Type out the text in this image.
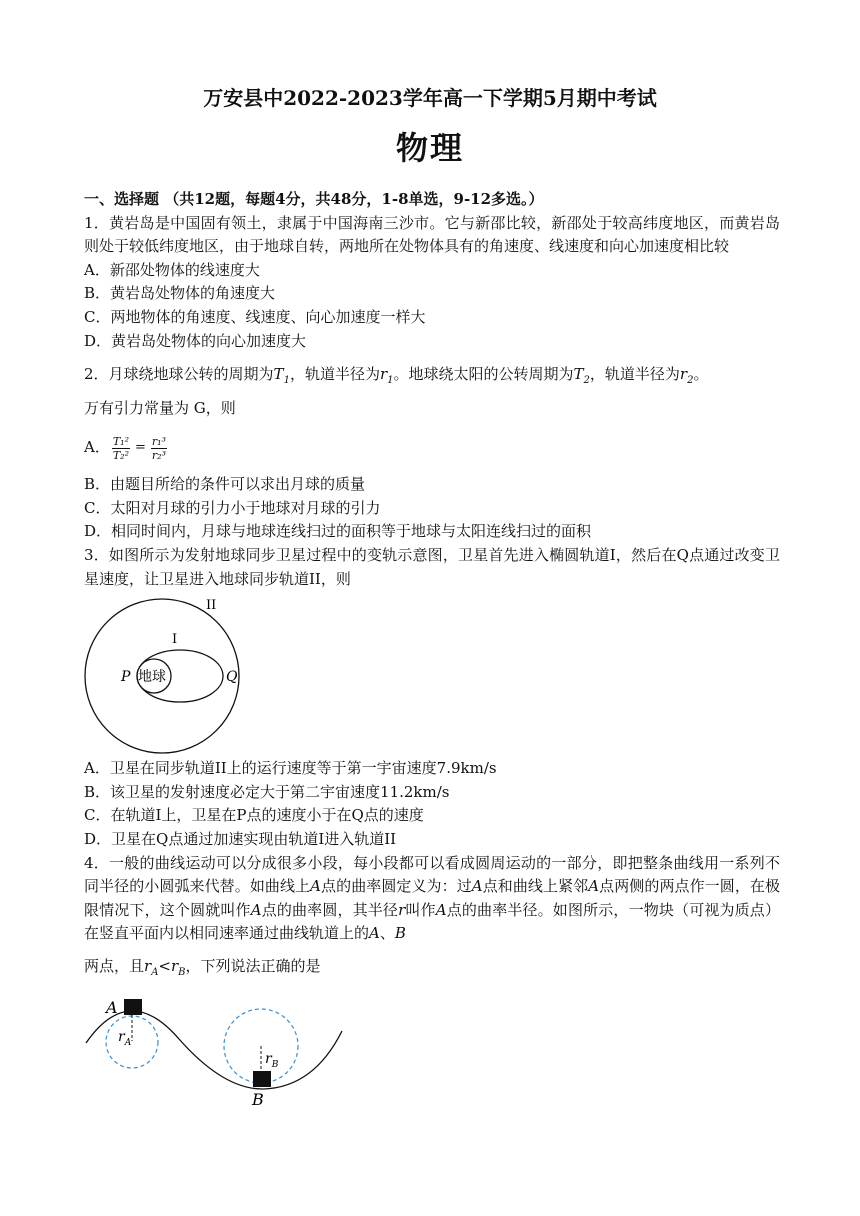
万安县中2022-2023学年高一下学期5月期中考试
物理
一、选择题 （共12题，每题4分，共48分，1-8单选，9-12多选。）
1．黄岩岛是中国固有领土，隶属于中国海南三沙市。它与新邵比较，新邵处于较高纬度地区，而黄岩岛则处于较低纬度地区，由于地球自转，两地所在处物体具有的角速度、线速度和向心加速度相比较
A．新邵处物体的线速度大
B．黄岩岛处物体的角速度大
C．两地物体的角速度、线速度、向心加速度一样大
D．黄岩岛处物体的向心加速度大
2．月球绕地球公转的周期为$T_1$，轨道半径为$r_1$。地球绕太阳的公转周期为$T_2$，轨道半径为$r_2$。
万有引力常量为 G，则
A． $\frac{\text{T₁²}}{\text{T₂²}} = \frac{\text{r₁³}}{\text{r₂³}}$
B．由题目所给的条件可以求出月球的质量
C．太阳对月球的引力小于地球对月球的引力
D．相同时间内，月球与地球连线扫过的面积等于地球与太阳连线扫过的面积
3．如图所示为发射地球同步卫星过程中的变轨示意图，卫星首先进入椭圆轨道Ⅰ，然后在Q点通过改变卫星速度，让卫星进入地球同步轨道II，则
II
I
P 地球	Q
A．卫星在同步轨道II上的运行速度等于第一宇宙速度7.9km/s
B．该卫星的发射速度必定大于第二宇宙速度11.2km/s
C．在轨道Ⅰ上，卫星在P点的速度小于在Q点的速度
D．卫星在Q点通过加速实现由轨道Ⅰ进入轨道II
4．一般的曲线运动可以分成很多小段，每小段都可以看成圆周运动的一部分，即把整条曲线用一系列不同半径的小圆弧来代替。如曲线上A点的曲率圆定义为：过A点和曲线上紧邻A点两侧的两点作一圆，在极限情况下，这个圆就叫作A点的曲率圆，其半径r叫作A点的曲率半径。如图所示，一物块（可视为质点）在竖直平面内以相同速率通过曲线轨道上的A、B
两点，且$r_A<r_B$，下列说法正确的是
A
$r_A$
$r_B$
B
